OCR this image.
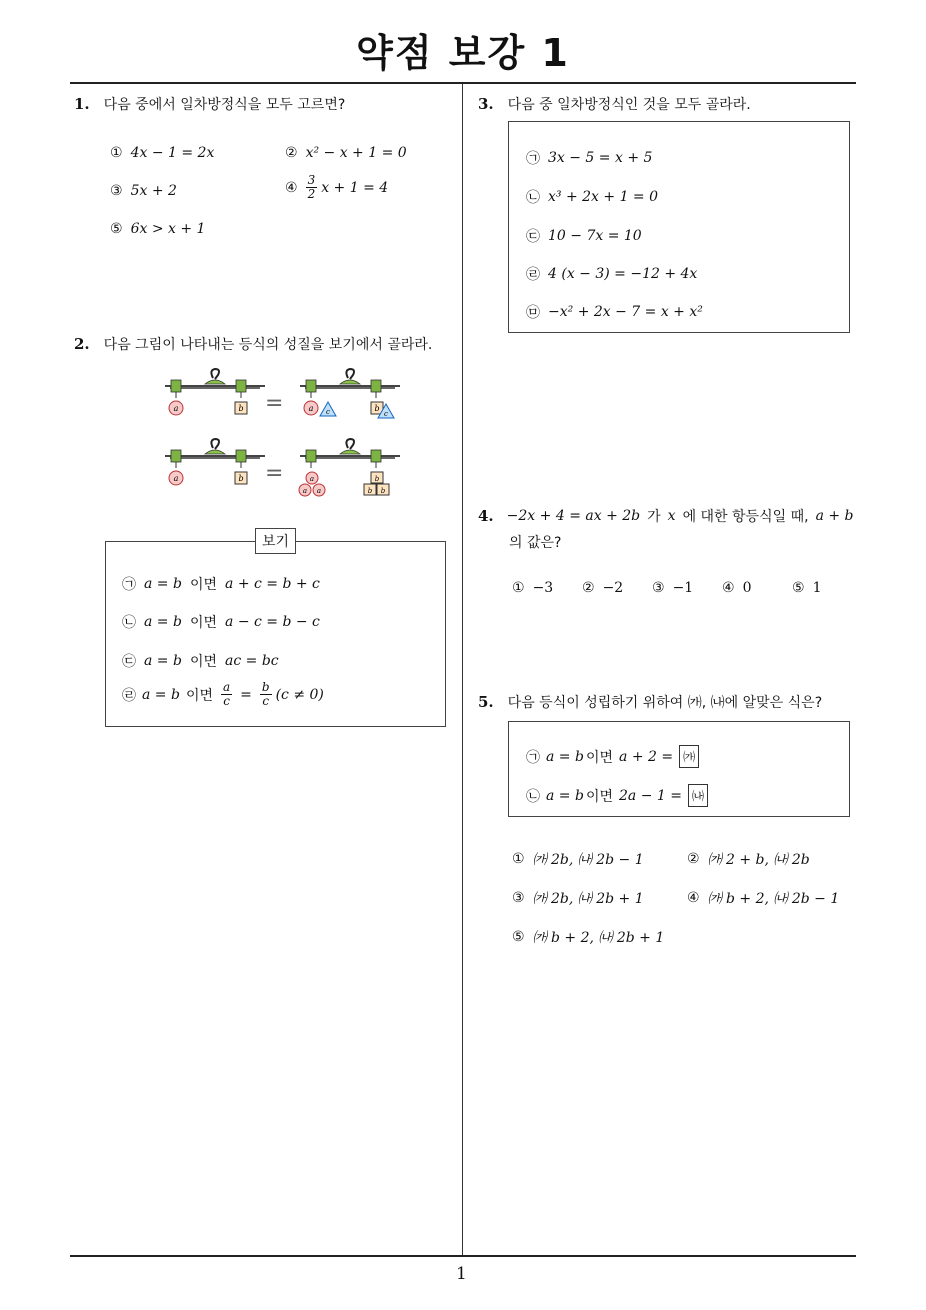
약점 보강 1
1
1. 다음 중에서 일차방정식을 모두 고르면?
① 4x − 1 = 2x	② x² − x + 1 = 0
③ 5x + 2	④ $\frac{3}{2}$ x + 1 = 4
⑤ 6x > x + 1
2. 다음 그림이 나타내는 등식의 성질을 보기에서 골라라.
a	b =	a c	b
c
a	b =	a
a a
b
b b
보기
㉠ a = b 이면 a + c = b + c
㉡ a = b 이면 a − c = b − c
㉢ a = b 이면 ac = bc
㉣ a = b 이면 $\frac{a}{c} = \frac{b}{c} (c \ne 0)$
3. 다음 중 일차방정식인 것을 모두 골라라.
㉠ 3x − 5 = x + 5
㉡ x³ + 2x + 1 = 0
㉢ 10 − 7x = 10
㉣ 4 (x − 3) = −12 + 4x
㉤ −x² + 2x − 7 = x + x²
4. −2x + 4 = ax + 2b 가 x 에 대한 항등식일 때, a + b
의 값은?
① −3 ② −2 ③ −1 ④ 0	⑤ 1
5. 다음 등식이 성립하기 위하여 ㈎, ㈏에 알맞은 식은?
㉠ a = b 이면 a + 2 = ㈎
㉡ a = b 이면 2a − 1 = ㈏
① ㈎ 2b, ㈏ 2b − 1	② ㈎ 2 + b, ㈏ 2b
③ ㈎ 2b, ㈏ 2b + 1	④ ㈎ b + 2, ㈏ 2b − 1
⑤ ㈎ b + 2, ㈏ 2b + 1
